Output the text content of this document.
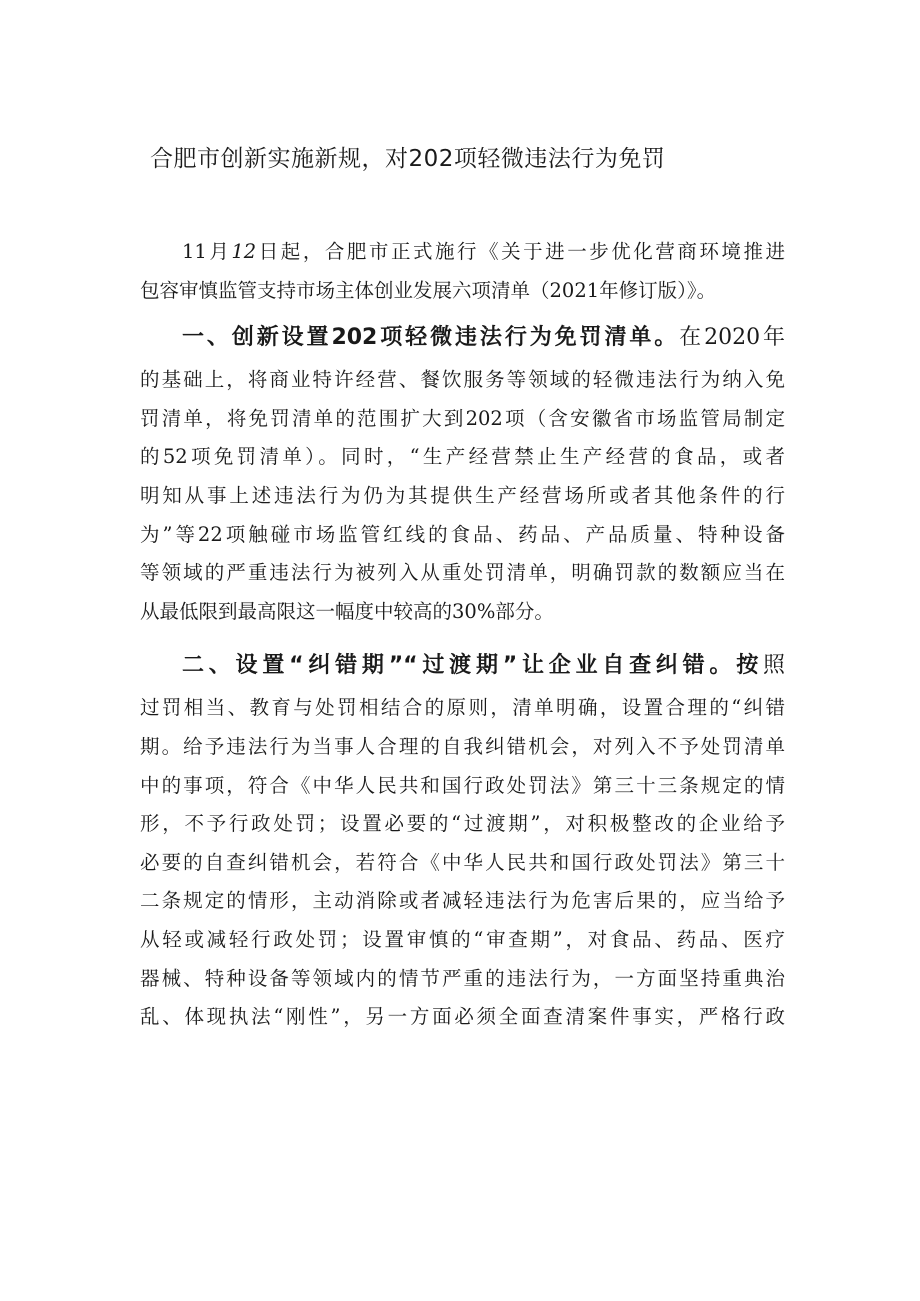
合肥市创新实施新规，对202项轻微违法行为免罚
11月12日起，合肥市正式施行《关于进一步优化营商环境推进
包容审慎监管支持市场主体创业发展六项清单（2021年修订版）》。
一、创新设置202项轻微违法行为免罚清单。在2020年
的基础上，将商业特许经营、餐饮服务等领域的轻微违法行为纳入免
罚清单，将免罚清单的范围扩大到202项（含安徽省市场监管局制定
的52项免罚清单）。同时，“生产经营禁止生产经营的食品，或者
明知从事上述违法行为仍为其提供生产经营场所或者其他条件的行
为”等22项触碰市场监管红线的食品、药品、产品质量、特种设备
等领域的严重违法行为被列入从重处罚清单，明确罚款的数额应当在
从最低限到最高限这一幅度中较高的30%部分。
二、设置“纠错期”“过渡期”让企业自查纠错。按照
过罚相当、教育与处罚相结合的原则，清单明确，设置合理的“纠错
期。给予违法行为当事人合理的自我纠错机会，对列入不予处罚清单
中的事项，符合《中华人民共和国行政处罚法》第三十三条规定的情
形，不予行政处罚；设置必要的“过渡期”，对积极整改的企业给予
必要的自查纠错机会，若符合《中华人民共和国行政处罚法》第三十
二条规定的情形，主动消除或者减轻违法行为危害后果的，应当给予
从轻或减轻行政处罚；设置审慎的“审查期”，对食品、药品、医疗
器械、特种设备等领域内的情节严重的违法行为，一方面坚持重典治
乱、体现执法“刚性”，另一方面必须全面查清案件事实，严格行政
